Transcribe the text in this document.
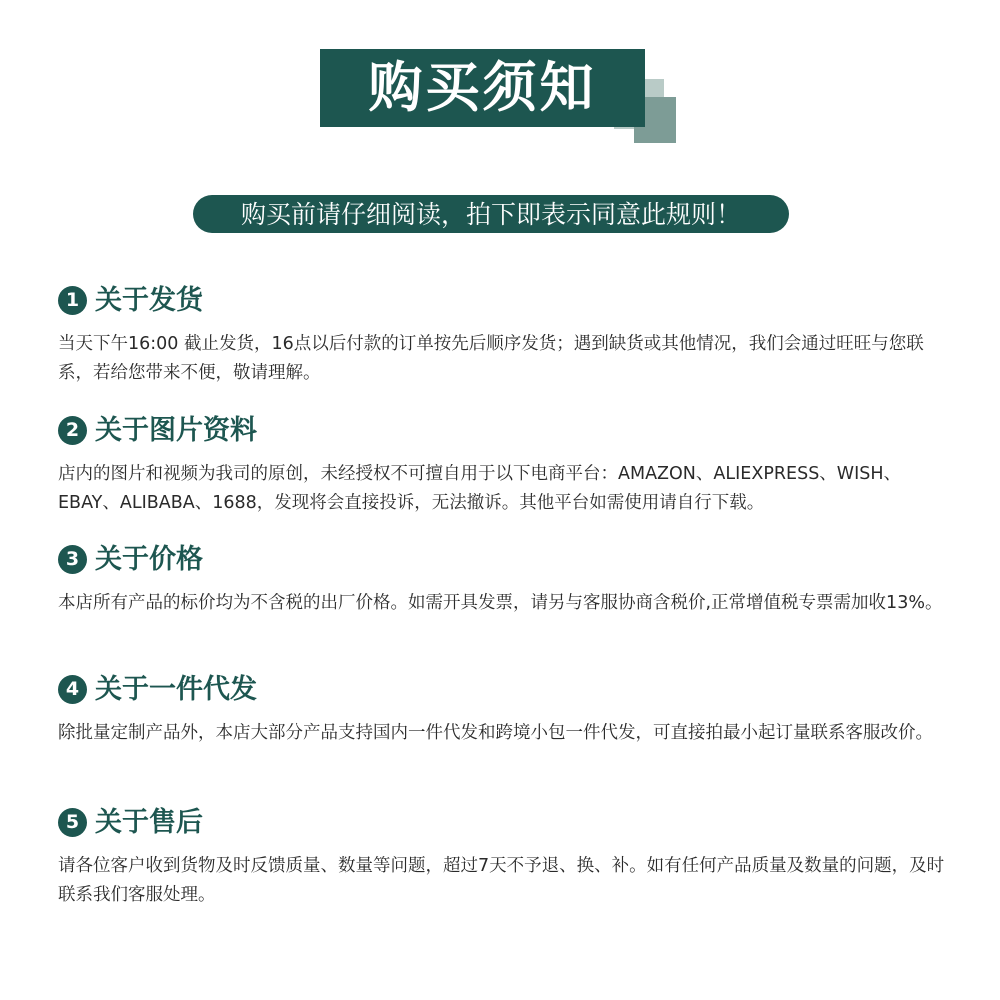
购买须知
购买前请仔细阅读，拍下即表示同意此规则！
1 关于发货
当天下午16:00 截止发货，16点以后付款的订单按先后顺序发货；遇到缺货或其他情况，我们会通过旺旺与您联系，若给您带来不便，敬请理解。
2 关于图片资料
店内的图片和视频为我司的原创，未经授权不可擅自用于以下电商平台：AMAZON、ALIEXPRESS、WISH、EBAY、ALIBABA、1688，发现将会直接投诉，无法撤诉。其他平台如需使用请自行下载。
3 关于价格
本店所有产品的标价均为不含税的出厂价格。如需开具发票，请另与客服协商含税价,正常增值税专票需加收13%。
4 关于一件代发
除批量定制产品外，本店大部分产品支持国内一件代发和跨境小包一件代发，可直接拍最小起订量联系客服改价。
5 关于售后
请各位客户收到货物及时反馈质量、数量等问题，超过7天不予退、换、补。如有任何产品质量及数量的问题，及时联系我们客服处理。
